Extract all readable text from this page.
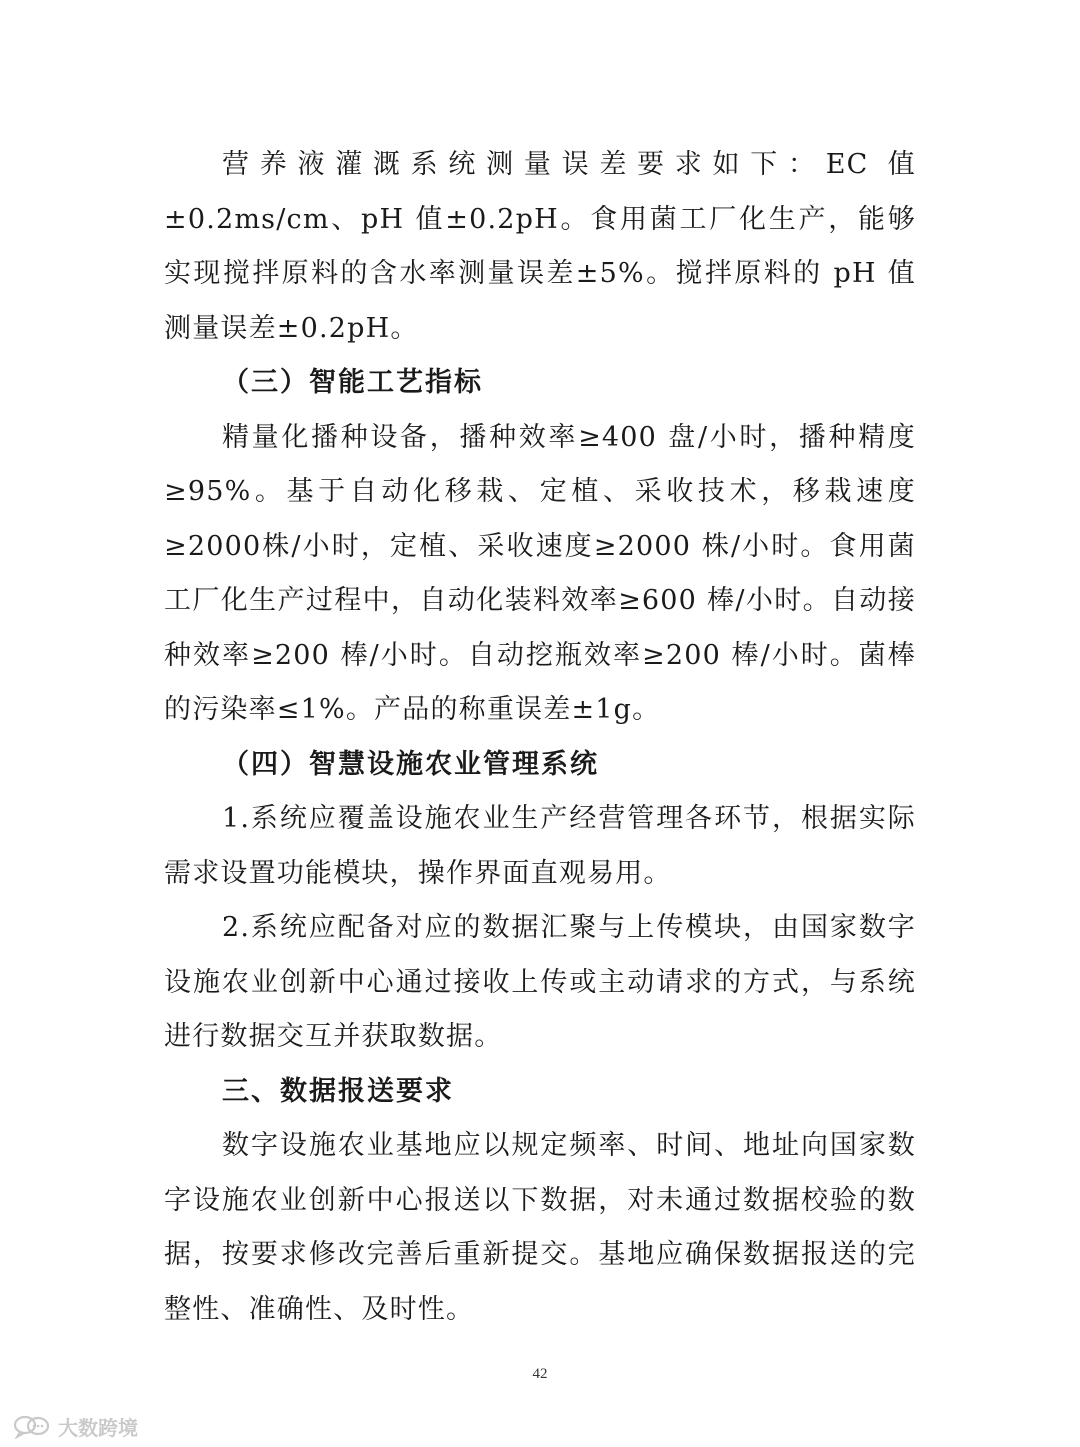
营养液灌溉系统测量误差要求如下：EC 值±0.2ms/cm、pH 值±0.2pH。食用菌工厂化生产，能够实现搅拌原料的含水率测量误差±5%。搅拌原料的 pH 值测量误差±0.2pH。

（三）智能工艺指标

精量化播种设备，播种效率≥400 盘/小时，播种精度≥95%。基于自动化移栽、定植、采收技术，移栽速度≥2000株/小时，定植、采收速度≥2000 株/小时。食用菌工厂化生产过程中，自动化装料效率≥600 棒/小时。自动接种效率≥200 棒/小时。自动挖瓶效率≥200 棒/小时。菌棒的污染率≤1%。产品的称重误差±1g。

（四）智慧设施农业管理系统

1.系统应覆盖设施农业生产经营管理各环节，根据实际需求设置功能模块，操作界面直观易用。

2.系统应配备对应的数据汇聚与上传模块，由国家数字设施农业创新中心通过接收上传或主动请求的方式，与系统进行数据交互并获取数据。

三、数据报送要求

数字设施农业基地应以规定频率、时间、地址向国家数字设施农业创新中心报送以下数据，对未通过数据校验的数据，按要求修改完善后重新提交。基地应确保数据报送的完整性、准确性、及时性。

42
大数跨境
